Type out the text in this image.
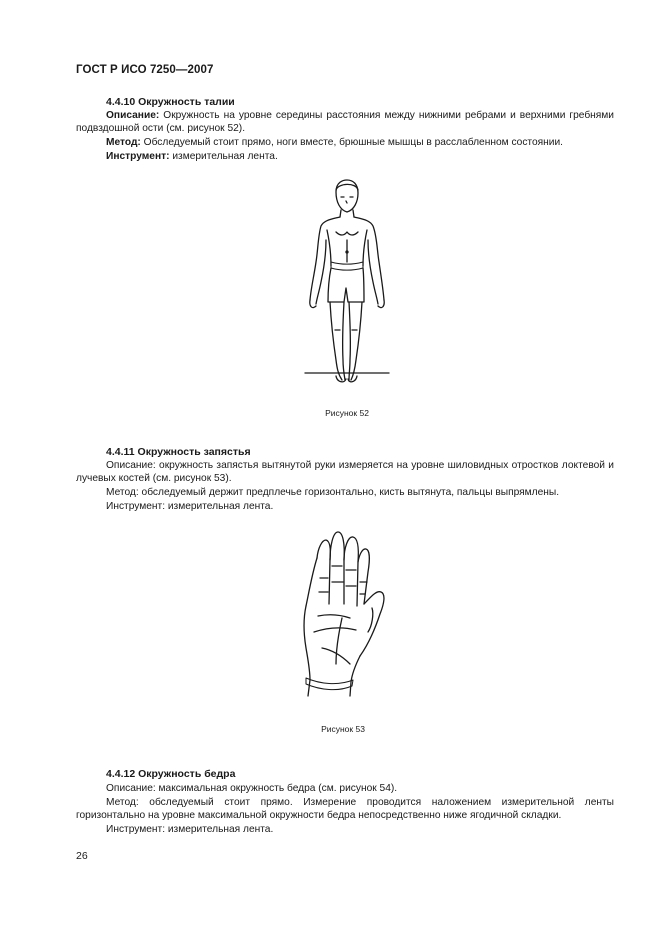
ГОСТ Р ИСО 7250—2007
4.4.10 Окружность талии
Описание: Окружность на уровне середины расстояния между нижними ребрами и верхними гребнями подвздошной ости (см. рисунок 52).
Метод: Обследуемый стоит прямо, ноги вместе, брюшные мышцы в расслабленном состоянии.
Инструмент: измерительная лента.
Рисунок 52
4.4.11 Окружность запястья
Описание: окружность запястья вытянутой руки измеряется на уровне шиловидных отростков локтевой и лучевых костей (см. рисунок 53).
Метод: обследуемый держит предплечье горизонтально, кисть вытянута, пальцы выпрямлены.
Инструмент: измерительная лента.
Рисунок 53
4.4.12 Окружность бедра
Описание: максимальная окружность бедра (см. рисунок 54).
Метод: обследуемый стоит прямо. Измерение проводится наложением измерительной ленты горизонтально на уровне максимальной окружности бедра непосредственно ниже ягодичной складки.
Инструмент: измерительная лента.
26
